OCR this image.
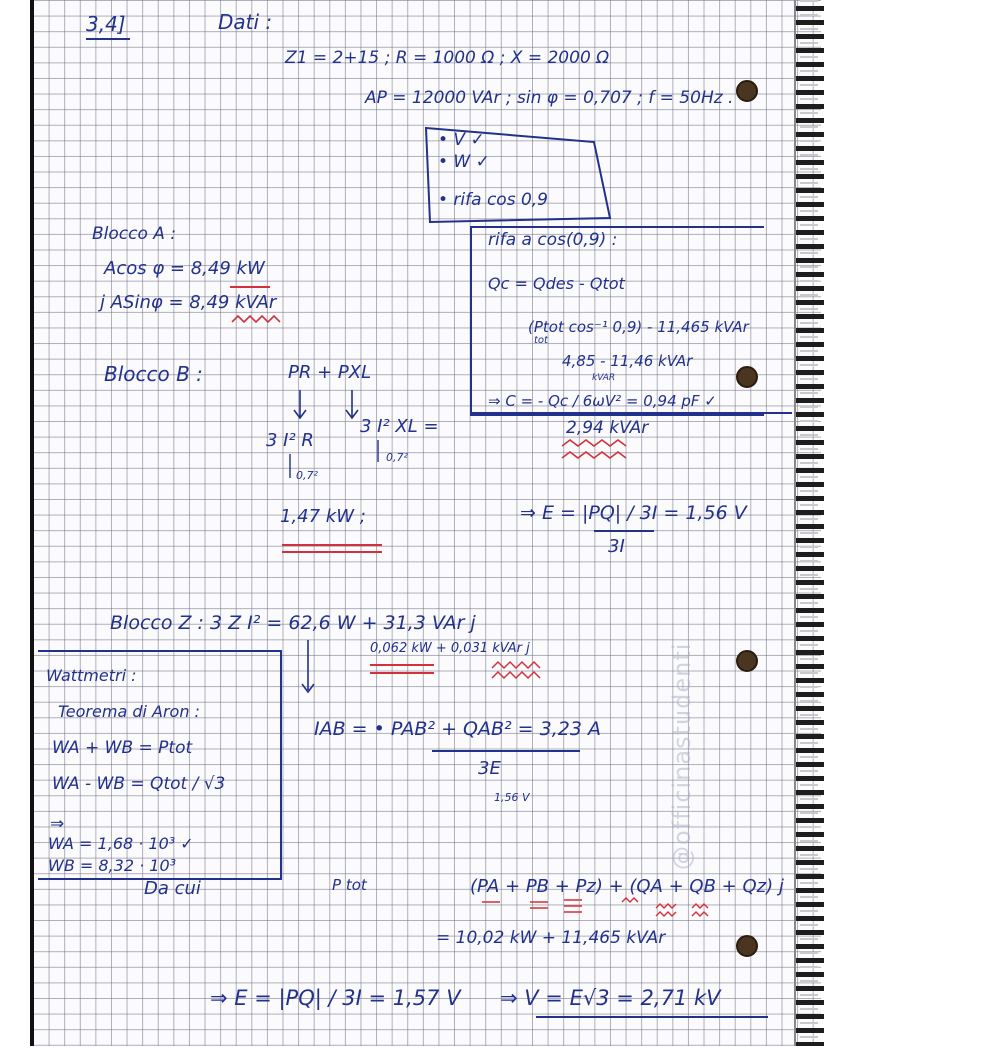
@officinastudenti
3,4]	Dati :
Z1 = 2+15 ; R = 1000 Ω ; X = 2000 Ω
AP = 12000 VAr ; sin φ = 0,707 ; f = 50Hz .
• V ✓
• W ✓
• rifa cos 0,9
rifa a cos(0,9) :
Qc = Qdes - Qtot
(Ptot cos⁻¹ 0,9) - 11,465 kVAr
tot
4,85 - 11,46 kVAr
kVAR
⇒ C = - Qc / 6ωV² = 0,94 pF ✓
Blocco A :
Acos φ = 8,49 kW
j ASinφ = 8,49 kVAr
Blocco B :	PR + PXL
3 I² R
0,7²
3 I² XL =
0,7²
1,47 kW ;
2,94 kVAr
⇒ E = |PQ| / 3I = 1,56 V
3I
Blocco Z : 3 Z I² = 62,6 W + 31,3 VAr j
0,062 kW + 0,031 kVAr j
Wattmetri :
Teorema di Aron :
WA + WB = Ptot
WA - WB = Qtot / √3
⇒
WA = 1,68 · 10³ ✓
WB = 8,32 · 10³
IAB = • PAB² + QAB² = 3,23 A
3E
1,56 V
Da cui	P tot	(PA + PB + Pz) + (QA + QB + Qz) j
= 10,02 kW + 11,465 kVAr
⇒ E = |PQ| / 3I = 1,57 V ⇒ V = E√3 = 2,71 kV
